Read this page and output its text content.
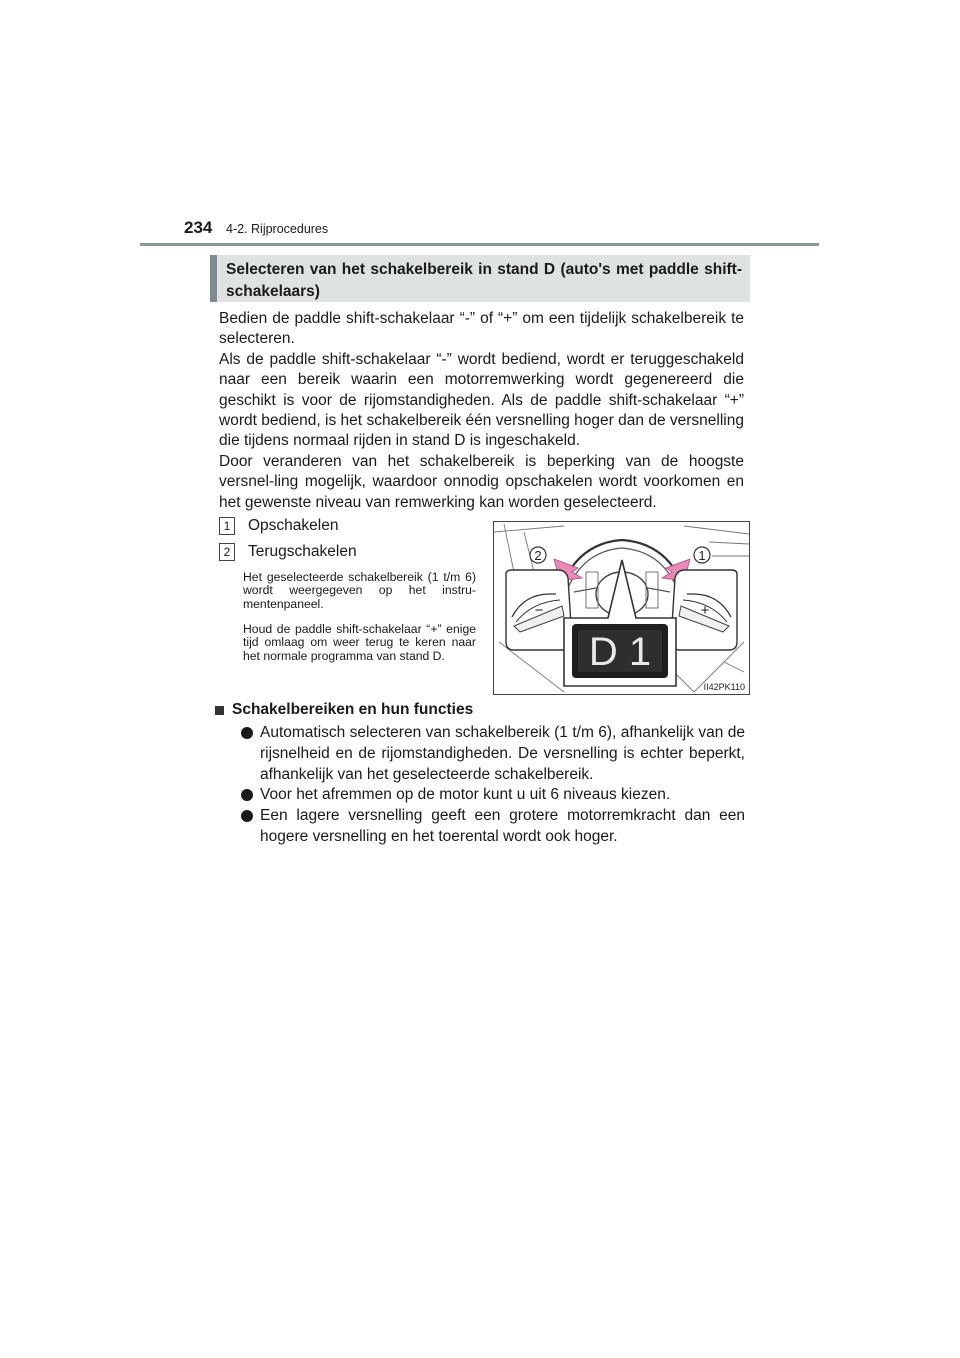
234 4-2. Rijprocedures
Selecteren van het schakelbereik in stand D (auto's met paddle shift-schakelaars)

Bedien de paddle shift-schakelaar “-” of “+” om een tijdelijk schakelbereik te selecteren.

Als de paddle shift-schakelaar “-” wordt bediend, wordt er teruggeschakeld naar een bereik waarin een motorremwerking wordt gegenereerd die geschikt is voor de rijomstandigheden. Als de paddle shift-schakelaar “+” wordt bediend, is het schakelbereik één versnelling hoger dan de versnelling die tijdens normaal rijden in stand D is ingeschakeld.

Door veranderen van het schakelbereik is beperking van de hoogste versnel-ling mogelijk, waardoor onnodig opschakelen wordt voorkomen en het gewenste niveau van remwerking kan worden geselecteerd.

1	Opschakelen
2	Terugschakelen
Het geselecteerde schakelbereik (1 t/m 6) wordt weergegeven op het instru-mentenpaneel.
Houd de paddle shift-schakelaar “+” enige tijd omlaag om weer terug te keren naar het normale programma van stand D.
2	1
−	+
D 1
II42PK110
Schakelbereiken en hun functies
Automatisch selecteren van schakelbereik (1 t/m 6), afhankelijk van de rijsnelheid en de rijomstandigheden. De versnelling is echter beperkt, afhankelijk van het geselecteerde schakelbereik.
Voor het afremmen op de motor kunt u uit 6 niveaus kiezen.
Een lagere versnelling geeft een grotere motorremkracht dan een hogere versnelling en het toerental wordt ook hoger.
